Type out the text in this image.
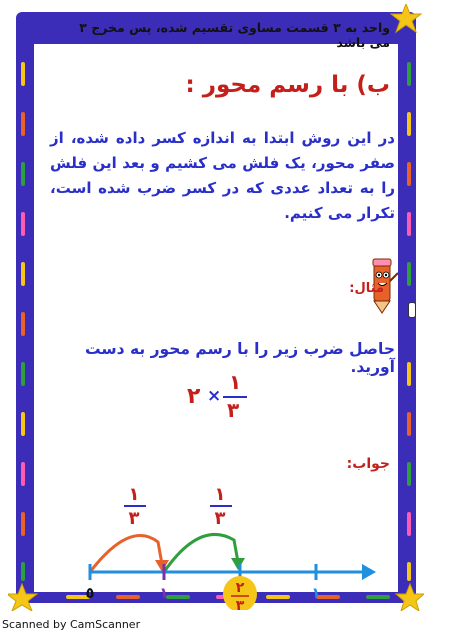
واحد به ۳ قسمت مساوی تقسیم شده، پس مخرج ۳ می باشد
ب) با رسم محور :
در این روش ابتدا به اندازه کسر داده شده، از صفر محور، یک فلش می کشیم و بعد این فلش را به تعداد عددی که در کسر ضرب شده است، تکرار می کنیم.
مثال:
حاصل ضرب زیر را با رسم محور به دست آورید.
۲ ×
۱
۳
جواب:
۱
۳
۱
۳
٥	۱	۲
۳
۱
Scanned by CamScanner
